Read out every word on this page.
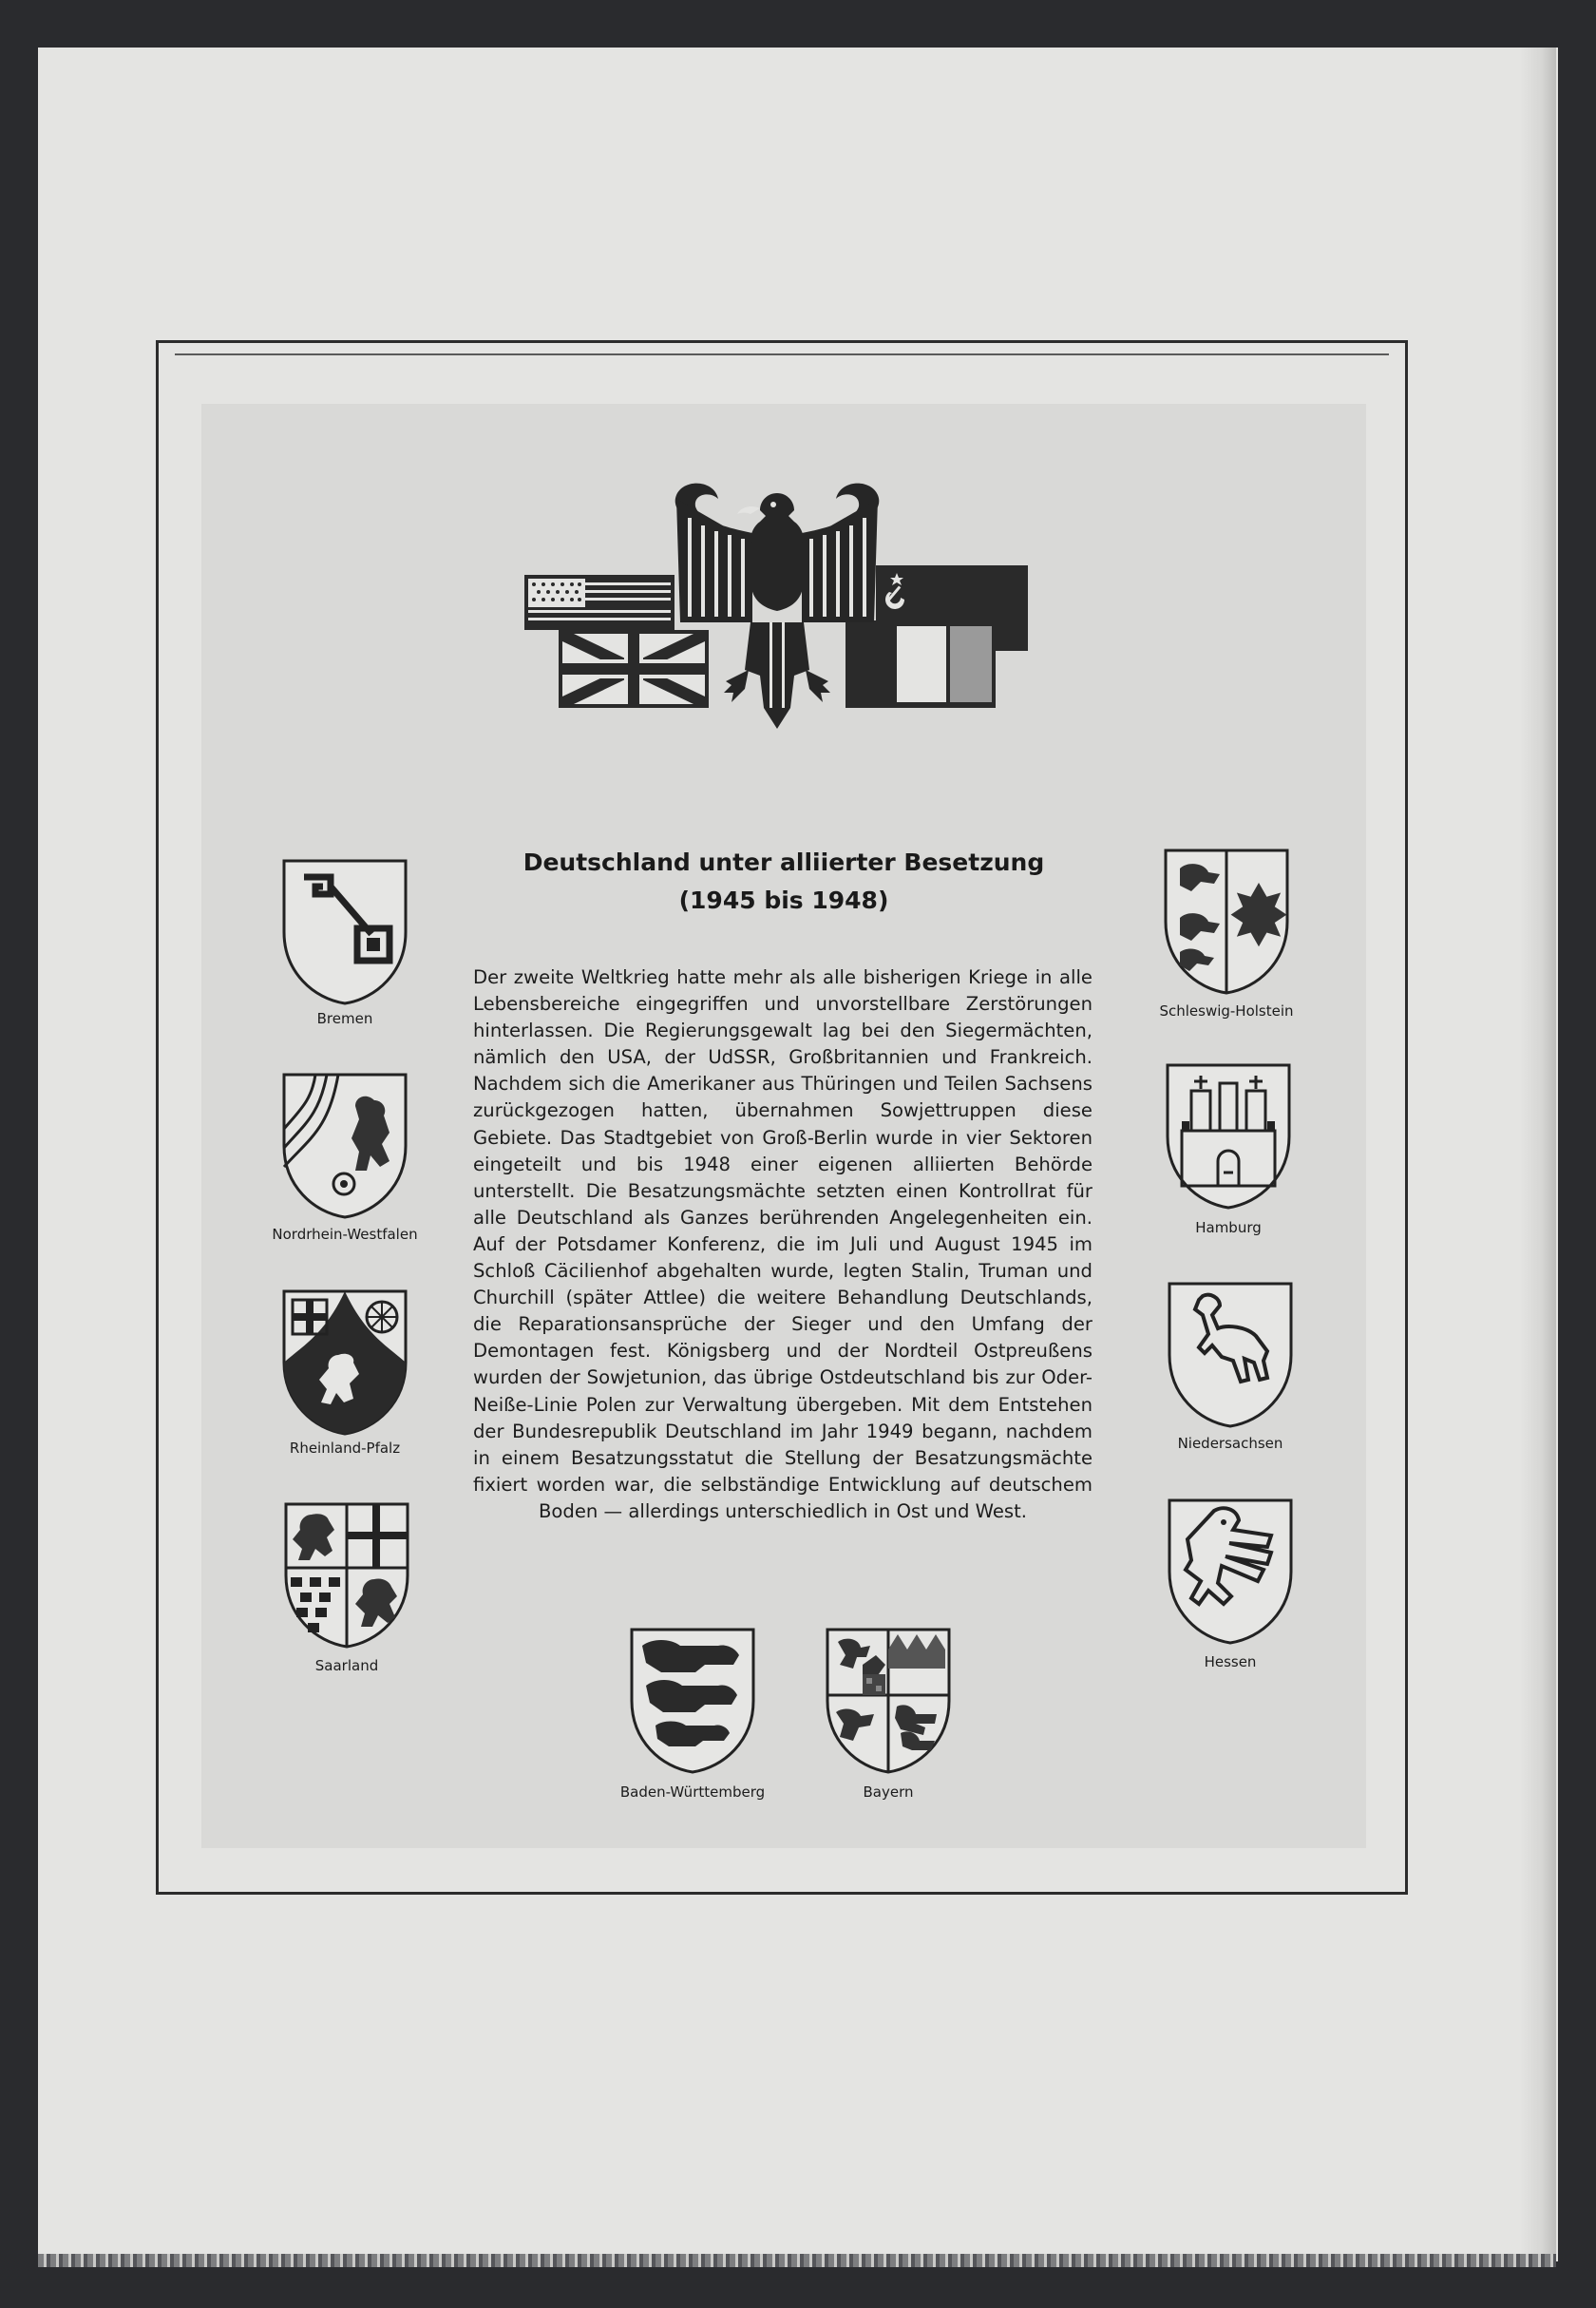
Deutschland unter alliierter Besetzung
(1945 bis 1948)

Der zweite Weltkrieg hatte mehr als alle bisherigen Kriege in alle Lebensbereiche eingegriffen und unvorstellbare Zerstörungen hinterlassen. Die Regierungsgewalt lag bei den Siegermächten, nämlich den USA, der UdSSR, Großbritannien und Frankreich. Nachdem sich die Amerikaner aus Thüringen und Teilen Sachsens zurückgezogen hatten, übernahmen Sowjettruppen diese Gebiete. Das Stadtgebiet von Groß-Berlin wurde in vier Sektoren eingeteilt und bis 1948 einer eigenen alliierten Behörde unterstellt. Die Besatzungsmächte setzten einen Kontrollrat für alle Deutschland als Ganzes berührenden Angelegenheiten ein. Auf der Potsdamer Konferenz, die im Juli und August 1945 im Schloß Cäcilienhof abgehalten wurde, legten Stalin, Truman und Churchill (später Attlee) die weitere Behandlung Deutschlands, die Reparationsansprüche der Sieger und den Umfang der Demontagen fest. Königsberg und der Nordteil Ostpreußens wurden der Sowjetunion, das übrige Ostdeutschland bis zur Oder-Neiße-Linie Polen zur Verwaltung übergeben. Mit dem Entstehen der Bundesrepublik Deutschland im Jahr 1949 begann, nachdem in einem Besatzungsstatut die Stellung der Besatzungsmächte fixiert worden war, die selbständige Entwicklung auf deutschem Boden — allerdings unterschiedlich in Ost und West.

Bremen

Nordrhein-Westfalen

Rheinland-Pfalz

Saarland

Schleswig-Holstein

Hamburg

Niedersachsen

Hessen

Baden-Württemberg	Bayern
